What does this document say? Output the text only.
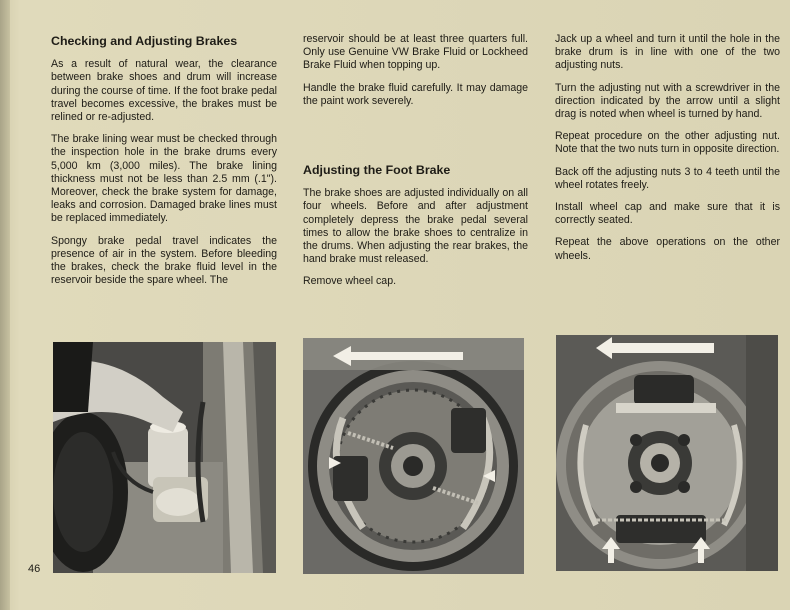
Checking and Adjusting Brakes

As a result of natural wear, the clearance between brake shoes and drum will increase during the course of time. If the foot brake pedal travel becomes excessive, the brakes must be relined or re-adjusted.

The brake lining wear must be checked through the inspection hole in the brake drums every 5,000 km (3,000 miles). The brake lining thickness must not be less than 2.5 mm (.1"). Moreover, check the brake system for damage, leaks and corrosion. Damaged brake lines must be replaced immediately.

Spongy brake pedal travel indicates the presence of air in the system. Before bleeding the brakes, check the brake fluid level in the reservoir beside the spare wheel. The

reservoir should be at least three quarters full. Only use Genuine VW Brake Fluid or Lockheed Brake Fluid when topping up.

Handle the brake fluid carefully. It may damage the paint work severely.

Adjusting the Foot Brake

The brake shoes are adjusted individually on all four wheels. Before and after adjustment completely depress the brake pedal several times to allow the brake shoes to centralize in the drums. When adjusting the rear brakes, the hand brake must released.

Remove wheel cap.

Jack up a wheel and turn it until the hole in the brake drum is in line with one of the two adjusting nuts.

Turn the adjusting nut with a screwdriver in the direction indicated by the arrow until a slight drag is noted when wheel is turned by hand.

Repeat procedure on the other adjusting nut. Note that the two nuts turn in opposite direction.

Back off the adjusting nuts 3 to 4 teeth until the wheel rotates freely.

Install wheel cap and make sure that it is correctly seated.

Repeat the above operations on the other wheels.

46
